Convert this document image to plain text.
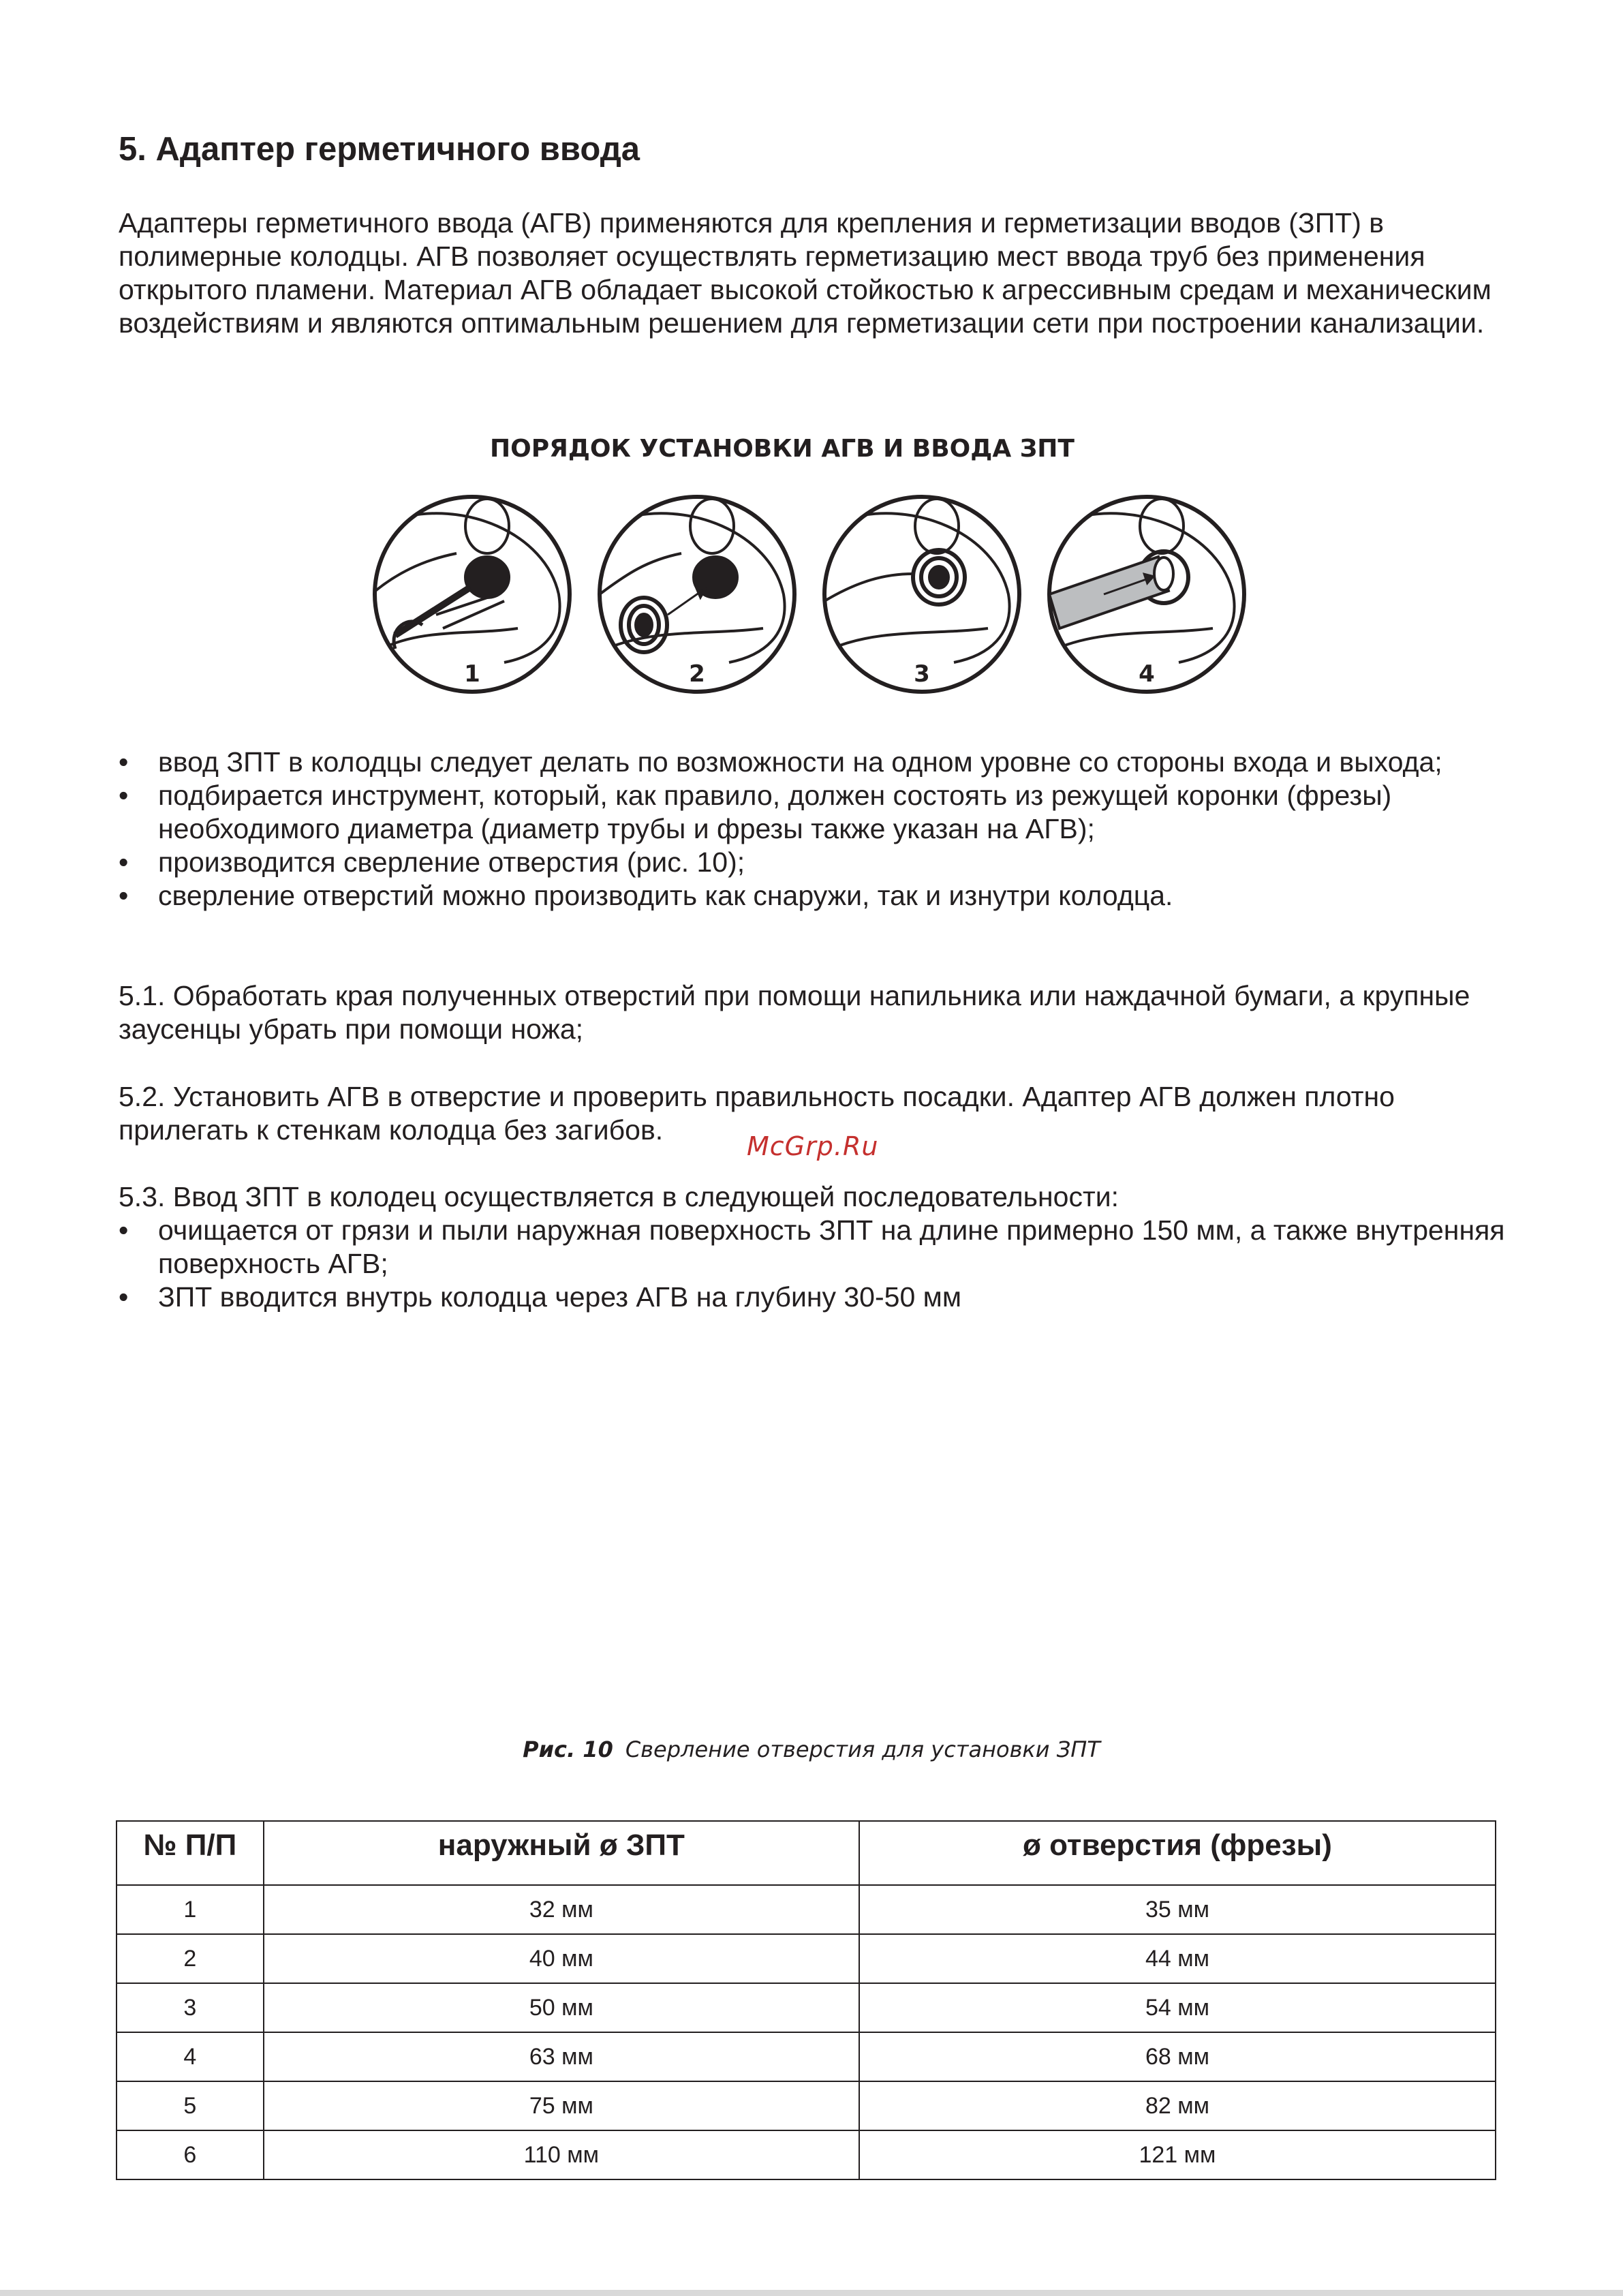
5. Адаптер герметичного ввода

Адаптеры герметичного ввода (АГВ) применяются для крепления и герметизации вводов (ЗПТ) в полимерные колодцы. АГВ позволяет осуществлять герметизацию мест ввода труб без применения открытого пламени. Материал АГВ обладает высокой стойкостью к агрессивным средам и механическим воздействиям и являются оптимальным решением для герметизации сети при построении канализации.

ПОРЯДОК УСТАНОВКИ АГВ И ВВОДА ЗПТ
1	2	3	4
• ввод ЗПТ в колодцы следует делать по возможности на одном уровне со стороны входа и выхода;
• подбирается инструмент, который, как правило, должен состоять из режущей коронки (фрезы) необходимого диаметра (диаметр трубы и фрезы также указан на АГВ);
• производится сверление отверстия (рис. 10);
• сверление отверстий можно производить как снаружи, так и изнутри колодца.

5.1. Обработать края полученных отверстий при помощи напильника или наждачной бумаги, а крупные заусенцы убрать при помощи ножа;

5.2. Установить АГВ в отверстие и проверить правильность посадки. Адаптер АГВ должен плотно прилегать к стенкам колодца без загибов.

McGrp.Ru

5.3. Ввод ЗПТ в колодец осуществляется в следующей последовательности:

• очищается от грязи и пыли наружная поверхность ЗПТ на длине примерно 150 мм, а также внутренняя поверхность АГВ;
• ЗПТ вводится внутрь колодца через АГВ на глубину 30-50 мм
Рис. 10 Сверление отверстия для установки ЗПТ
№ П/П	наружный ø ЗПТ	ø отверстия (фрезы)
1	32 мм	35 мм
2	40 мм	44 мм
3	50 мм	54 мм
4	63 мм	68 мм
5	75 мм	82 мм
6	110 мм	121 мм
